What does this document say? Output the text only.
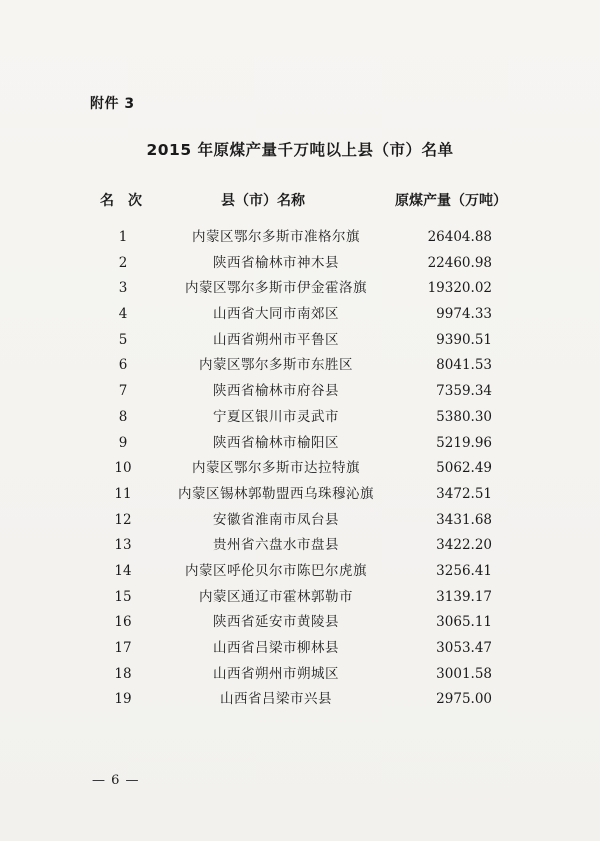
附件 3
2015 年原煤产量千万吨以上县（市）名单
名次	县（市）名称	原煤产量（万吨）
1	内蒙区鄂尔多斯市准格尔旗	26404.88
2	陕西省榆林市神木县	22460.98
3	内蒙区鄂尔多斯市伊金霍洛旗	19320.02
4	山西省大同市南郊区	9974.33
5	山西省朔州市平鲁区	9390.51
6	内蒙区鄂尔多斯市东胜区	8041.53
7	陕西省榆林市府谷县	7359.34
8	宁夏区银川市灵武市	5380.30
9	陕西省榆林市榆阳区	5219.96
10	内蒙区鄂尔多斯市达拉特旗	5062.49
11	内蒙区锡林郭勒盟西乌珠穆沁旗	3472.51
12	安徽省淮南市凤台县	3431.68
13	贵州省六盘水市盘县	3422.20
14	内蒙区呼伦贝尔市陈巴尔虎旗	3256.41
15	内蒙区通辽市霍林郭勒市	3139.17
16	陕西省延安市黄陵县	3065.11
17	山西省吕梁市柳林县	3053.47
18	山西省朔州市朔城区	3001.58
19	山西省吕梁市兴县	2975.00
— 6 —
